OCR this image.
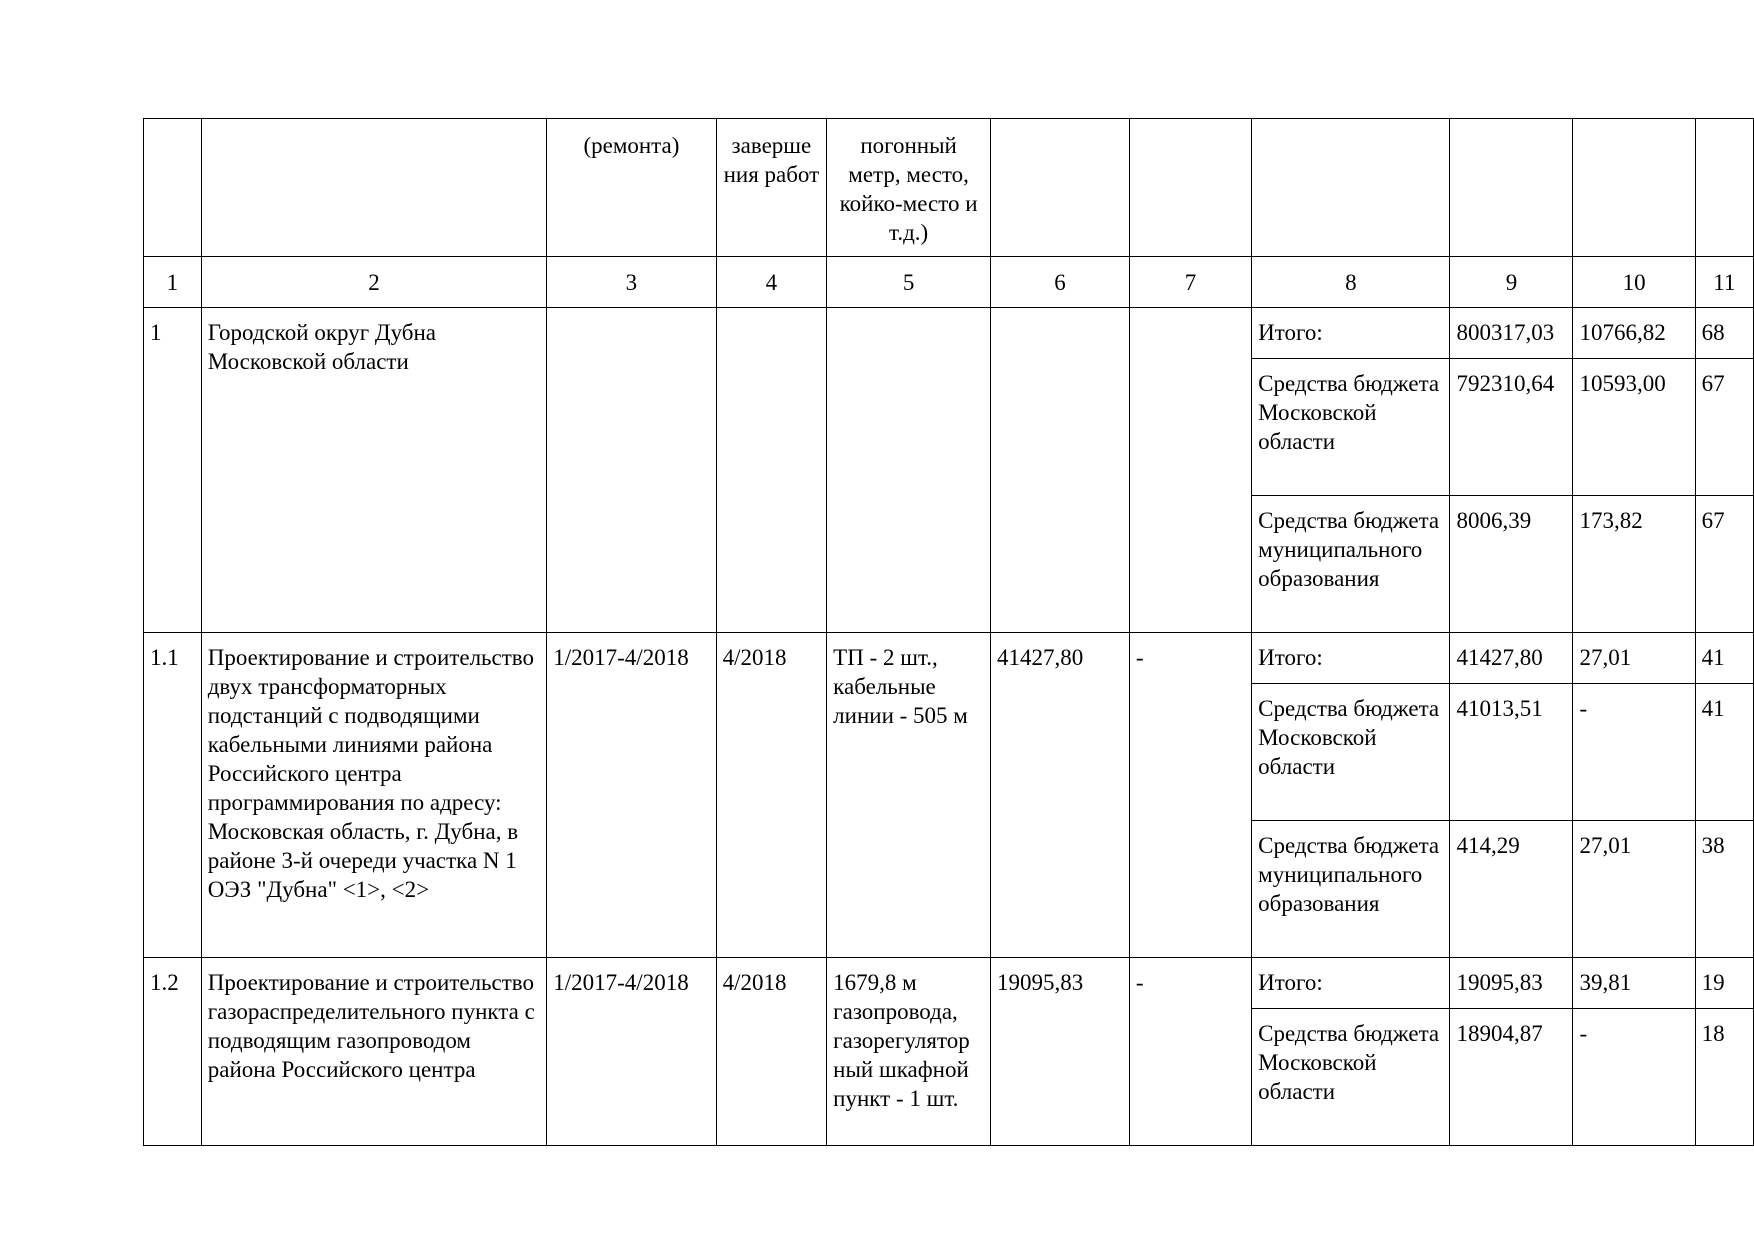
		(ремонта)	заверше ния работ	погонный метр, место, койко-место и т.д.)						
1	2	3	4	5	6	7	8	9	10	11
1	Городской округ Дубна Московской области						Итого:	800317,03	10766,82	68
							Средства бюджета Московской области	792310,64	10593,00	67
							Средства бюджета муниципального образования	8006,39	173,82	67
1.1	Проектирование и строительство двух трансформаторных подстанций с подводящими кабельными линиями района Российского центра программирования по адресу: Московская область, г. Дубна, в районе 3-й очереди участка N 1 ОЭЗ "Дубна" <1>, <2>	1/2017-4/2018	4/2018	ТП - 2 шт., кабельные линии - 505 м	41427,80	-	Итого:	41427,80	27,01	41
							Средства бюджета Московской области	41013,51	-	41
							Средства бюджета муниципального образования	414,29	27,01	38
1.2	Проектирование и строительство газораспределительного пункта с подводящим газопроводом района Российского центра	1/2017-4/2018	4/2018	1679,8 м газопровода, газорегулятор ный шкафной пункт - 1 шт.	19095,83	-	Итого:	19095,83	39,81	19
							Средства бюджета Московской области	18904,87	-	18
